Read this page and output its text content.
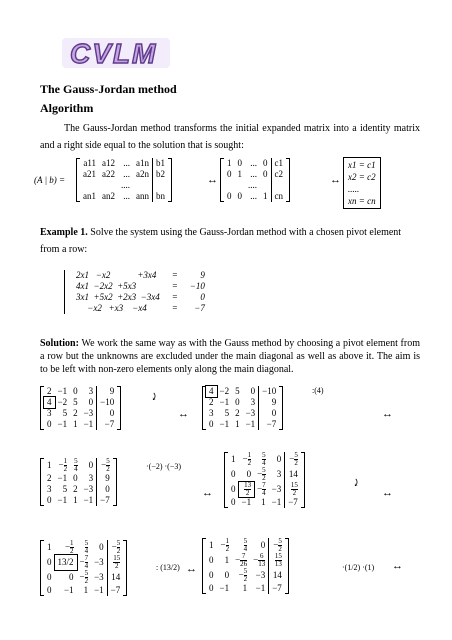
CVLM
The Gauss-Jordan method
Algorithm
The Gauss-Jordan method transforms the initial expanded matrix into a identity matrix and a right side equal to the solution that is sought:
(A | b) =
a11	a12	...	a1n	b1
a21	a22	...	a2n	b2
		....		
an1	an2	...	ann	bn
↔
1	0	...	0	c1
0	1	...	0	c2
		....		
0	0	...	1	cn
↔
x1 = c1
x2 = c2
.....
xn = cn
Example 1. Solve the system using the Gauss-Jordan method with a chosen pivot element from a row:
2x1   −x2            +3x4	=	9
4x1  −2x2  +5x3	=	−10
3x1  +5x2  +2x3  −3x4	=	0
−x2   +x3    −x4	=	−7
Solution: We work the same way as with the Gauss method by choosing a pivot element from a row but the unknowns are excluded under the main diagonal as well as above it. The aim is to be left with non-zero elements only along the main diagonal.
2	−1	0	3	9
4	−2	5	0	−10
3	5	2	−3	0
0	−1	1	−1	−7
⤸
↔
4	−2	5	0	−10
2	−1	0	3	9
3	5	2	−3	0
0	−1	1	−1	−7
:(4)
↔
1	− $\frac{1}{2}$	$\frac{5}{4}$	0	− $\frac{5}{2}$

2	−1	0	3	9
3	5	2	−3	0
0	−1	1	−1	−7
·(−2) ·(−3)
↔
1	− $\frac{1}{2}$	$\frac{5}{4}$	0	− $\frac{5}{2}$

0	0	− $\frac{5}{2}$	3	14
0	$\frac{13}{2}$	− $\frac{7}{4}$	−3	$\frac{15}{2}$

0	−1	1	−1	−7
⤸
↔
1	− $\frac{1}{2}$	$\frac{5}{4}$	0	− $\frac{5}{2}$

0	13/2	− $\frac{7}{4}$	−3	$\frac{15}{2}$

0	0	− $\frac{5}{2}$	−3	14
0	−1	1	−1	−7
: (13/2) ↔
1	− $\frac{1}{2}$	$\frac{5}{4}$	0	− $\frac{5}{2}$

0	1	− $\frac{7}{26}$	− $\frac{6}{13}$	$\frac{15}{13}$

0	0	− $\frac{5}{2}$	−3	14
0	−1	1	−1	−7
·(1/2) ·(1) ↔
